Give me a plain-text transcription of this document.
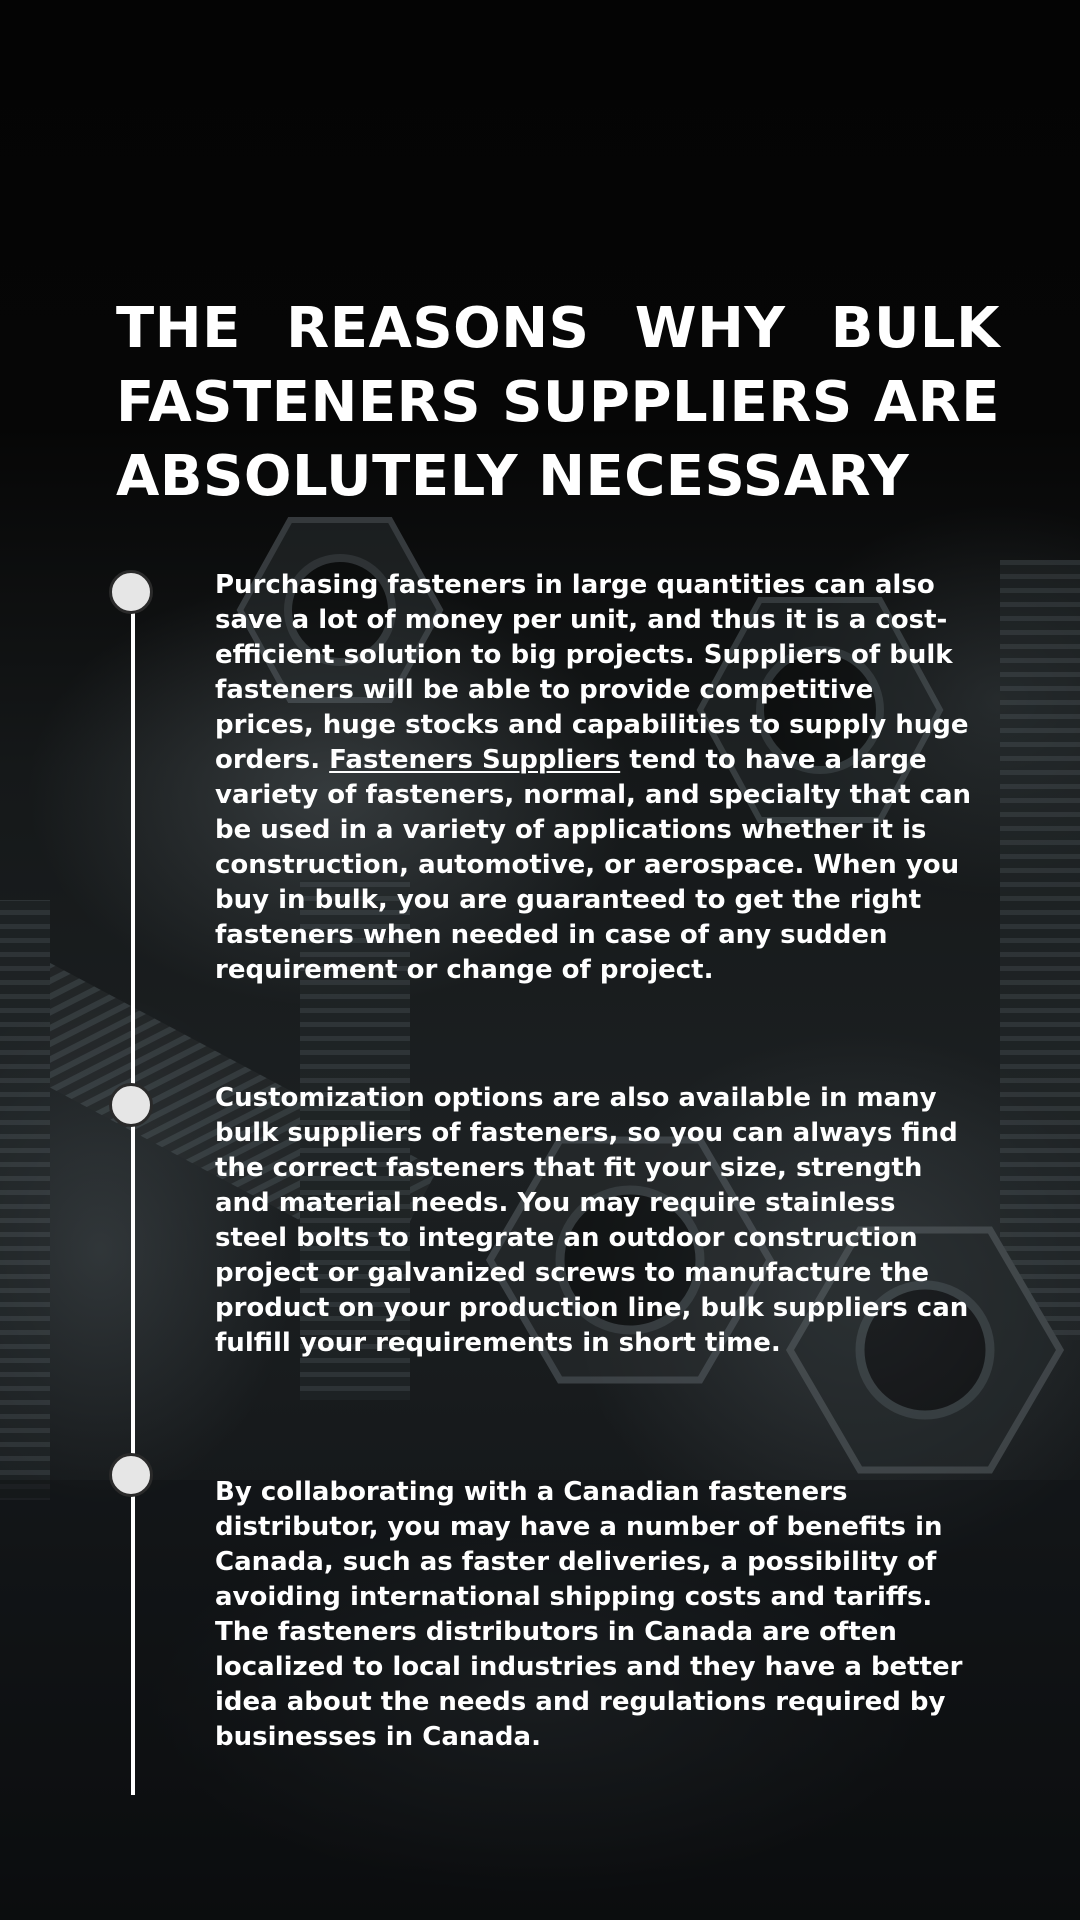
THE REASONS WHY BULK FASTENERS SUPPLIERS ARE ABSOLUTELY NECESSARY

Purchasing fasteners in large quantities can also save a lot of money per unit, and thus it is a cost-efficient solution to big projects. Suppliers of bulk fasteners will be able to provide competitive prices, huge stocks and capabilities to supply huge orders. Fasteners Suppliers tend to have a large variety of fasteners, normal, and specialty that can be used in a variety of applications whether it is construction, automotive, or aerospace. When you buy in bulk, you are guaranteed to get the right fasteners when needed in case of any sudden requirement or change of project.

Customization options are also available in many bulk suppliers of fasteners, so you can always find the correct fasteners that fit your size, strength and material needs. You may require stainless steel bolts to integrate an outdoor construction project or galvanized screws to manufacture the product on your production line, bulk suppliers can fulfill your requirements in short time.

By collaborating with a Canadian fasteners distributor, you may have a number of benefits in Canada, such as faster deliveries, a possibility of avoiding international shipping costs and tariffs. The fasteners distributors in Canada are often localized to local industries and they have a better idea about the needs and regulations required by businesses in Canada.
